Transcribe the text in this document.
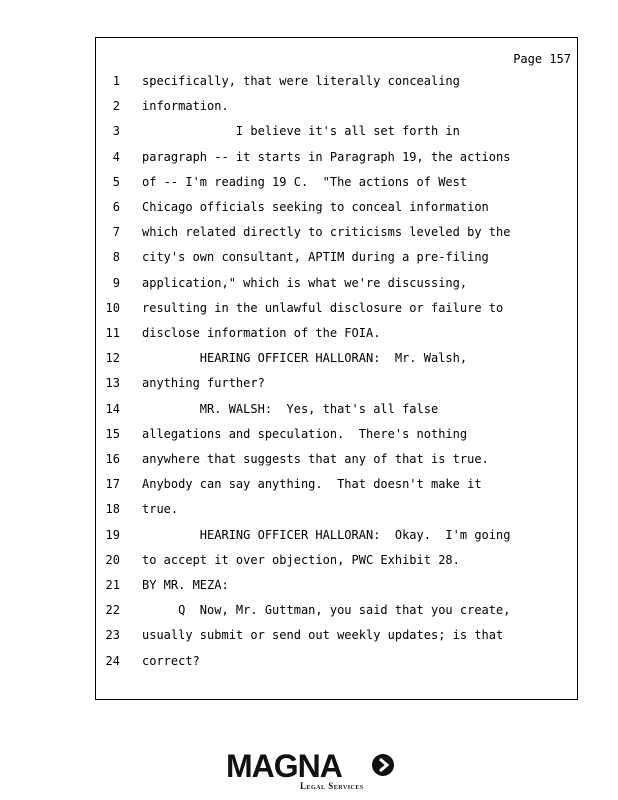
Page 157
1 specifically, that were literally concealing
2 information.
3 I believe it's all set forth in
4 paragraph -- it starts in Paragraph 19, the actions
5 of -- I'm reading 19 C.  "The actions of West
6 Chicago officials seeking to conceal information
7 which related directly to criticisms leveled by the
8 city's own consultant, APTIM during a pre-filing
9 application," which is what we're discussing,
10 resulting in the unlawful disclosure or failure to
11 disclose information of the FOIA.
12 HEARING OFFICER HALLORAN:  Mr. Walsh,
13 anything further?
14 MR. WALSH:  Yes, that's all false
15 allegations and speculation.  There's nothing
16 anywhere that suggests that any of that is true.
17 Anybody can say anything.  That doesn't make it
18 true.
19 HEARING OFFICER HALLORAN:  Okay.  I'm going
20 to accept it over objection, PWC Exhibit 28.
21 BY MR. MEZA:
22 Q  Now, Mr. Guttman, you said that you create,
23 usually submit or send out weekly updates; is that
24 correct?
MAGNA
Legal Services
